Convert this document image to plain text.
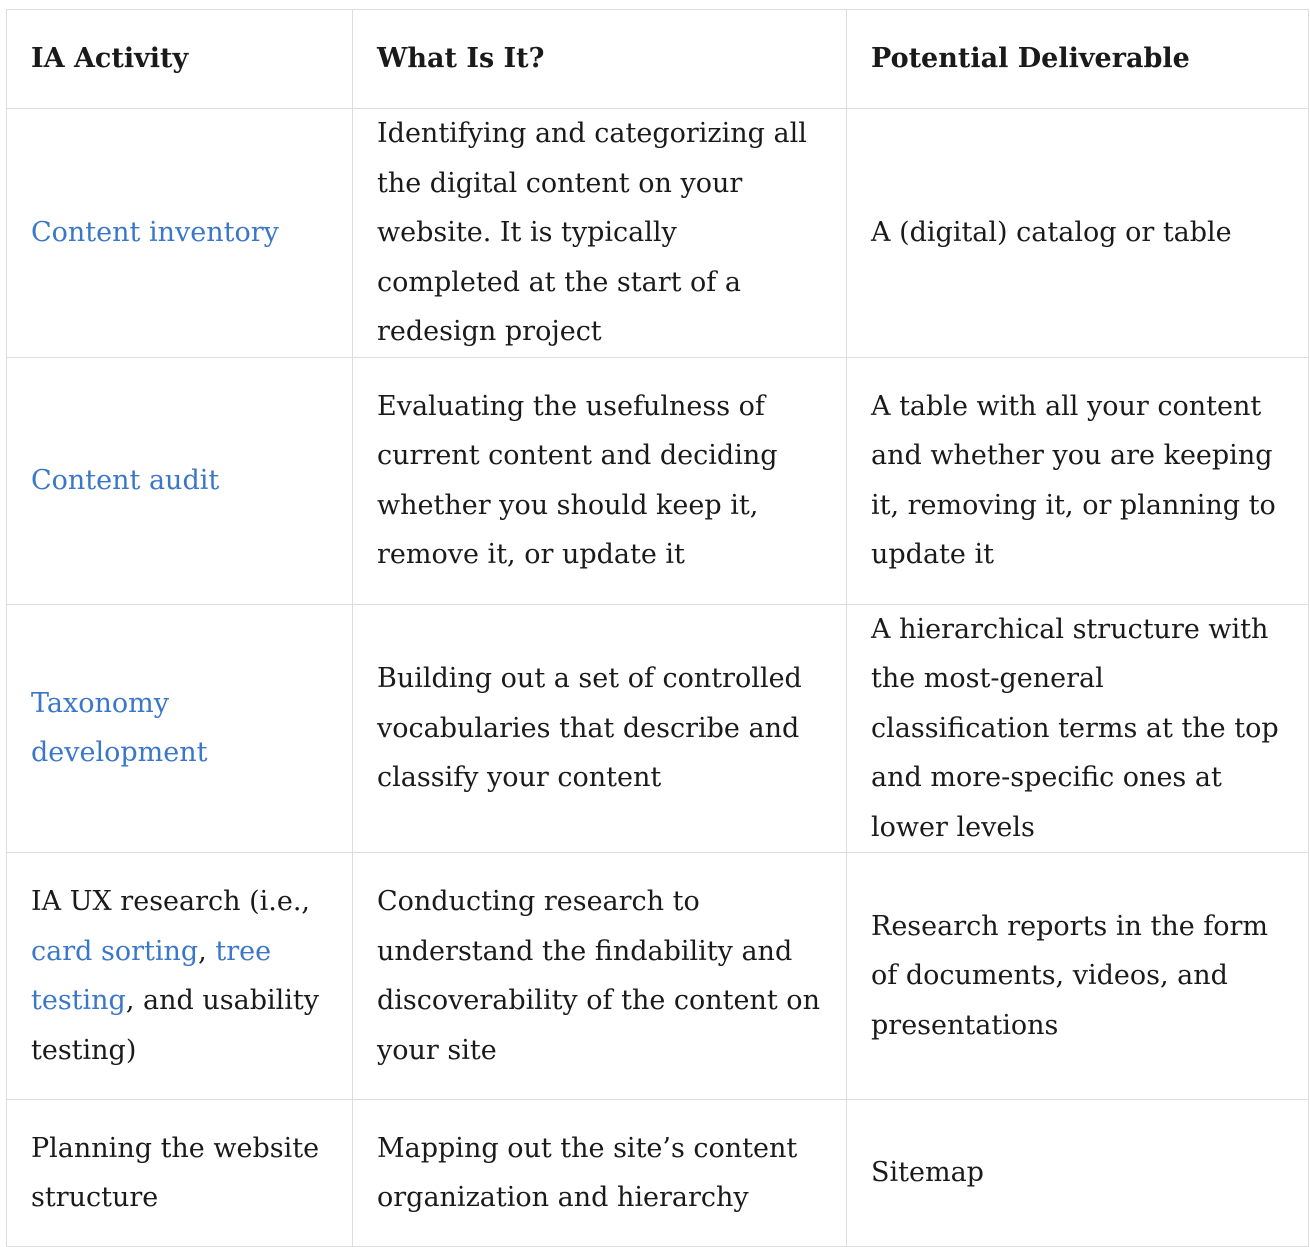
IA Activity	What Is It?	Potential Deliverable
Content inventory	Identifying and categorizing all the digital content on your website. It is typically completed at the start of a redesign project	A (digital) catalog or table
Content audit	Evaluating the usefulness of current content and deciding whether you should keep it, remove it, or update it	A table with all your content and whether you are keeping it, removing it, or planning to update it
Taxonomy development	Building out a set of controlled vocabularies that describe and classify your content	A hierarchical structure with the most-general classification terms at the top and more-specific ones at lower levels
IA UX research (i.e., card sorting, tree testing, and usability testing)	Conducting research to understand the findability and discoverability of the content on your site	Research reports in the form of documents, videos, and presentations
Planning the website structure	Mapping out the site’s content organization and hierarchy	Sitemap
